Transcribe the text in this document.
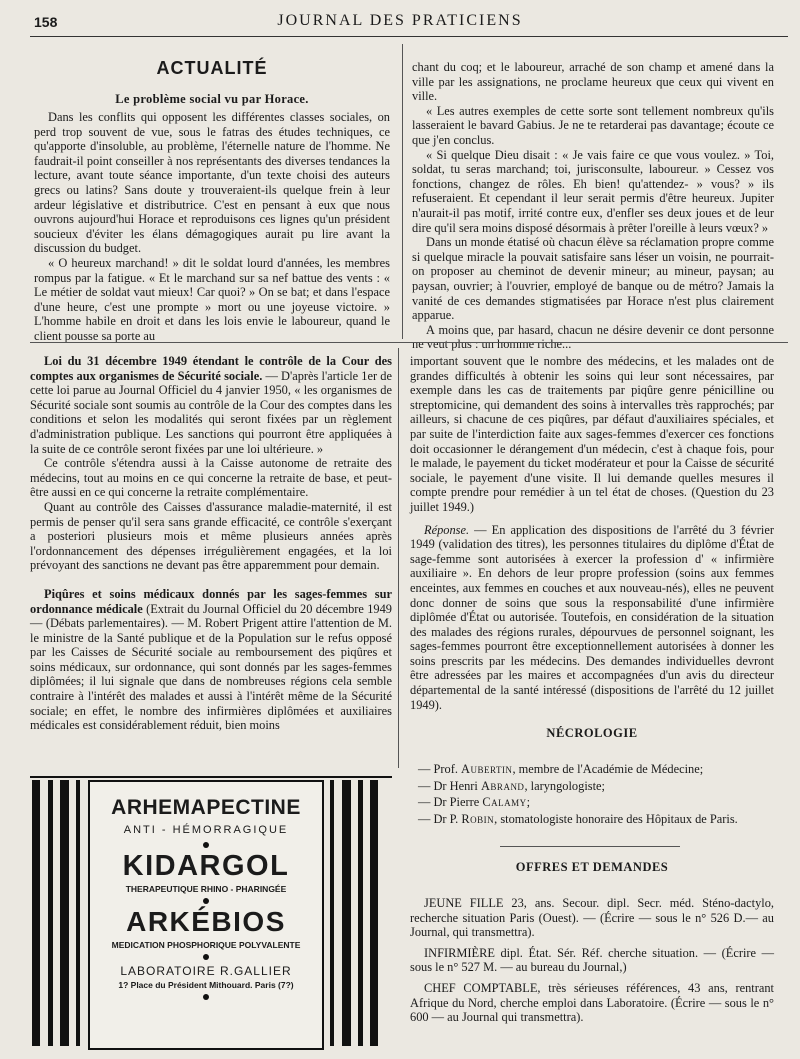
158	JOURNAL DES PRATICIENS
ACTUALITÉ
Le problème social vu par Horace.

Dans les conflits qui opposent les différentes classes sociales, on perd trop souvent de vue, sous le fatras des études techniques, ce qu'apporte d'insoluble, au problème, l'éternelle nature de l'homme. Ne faudrait-il point conseiller à nos représentants des diverses tendances la lecture, avant toute séance importante, d'un texte choisi des auteurs grecs ou latins? Sans doute y trouveraient-ils quelque frein à leur ardeur législative et distributrice. C'est en pensant à eux que nous ouvrons aujourd'hui Horace et reproduisons ces lignes qu'un président soucieux d'éviter les élans démagogiques aurait pu lire avant la discussion du budget.

« O heureux marchand! » dit le soldat lourd d'années, les membres rompus par la fatigue. « Et le marchand sur sa nef battue des vents : « Le métier de soldat vaut mieux! Car quoi? » On se bat; et dans l'espace d'une heure, c'est une prompte » mort ou une joyeuse victoire. » L'homme habile en droit et dans les lois envie le laboureur, quand le client pousse sa porte au

chant du coq; et le laboureur, arraché de son champ et amené dans la ville par les assignations, ne proclame heureux que ceux qui vivent en ville.

« Les autres exemples de cette sorte sont tellement nombreux qu'ils lasseraient le bavard Gabius. Je ne te retarderai pas davantage; écoute ce que j'en conclus.

« Si quelque Dieu disait : « Je vais faire ce que vous voulez. » Toi, soldat, tu seras marchand; toi, jurisconsulte, laboureur. » Cessez vos fonctions, changez de rôles. Eh bien! qu'attendez- » vous? » ils refuseraient. Et cependant il leur serait permis d'être heureux. Jupiter n'aurait-il pas motif, irrité contre eux, d'enfler ses deux joues et de leur dire qu'il sera moins disposé désormais à prêter l'oreille à leurs vœux? »

Dans un monde étatisé où chacun élève sa réclamation propre comme si quelque miracle la pouvait satisfaire sans léser un voisin, ne pourrait-on proposer au cheminot de devenir mineur; au mineur, paysan; au paysan, ouvrier; à l'ouvrier, employé de banque ou de métro? Jamais la vanité de ces demandes stigmatisées par Horace n'est plus clairement apparue.

A moins que, par hasard, chacun ne désire devenir ce dont personne ne veut plus : un homme riche...

Loi du 31 décembre 1949 étendant le contrôle de la Cour des comptes aux organismes de Sécurité sociale. — D'après l'article 1er de cette loi parue au Journal Officiel du 4 janvier 1950, « les organismes de Sécurité sociale sont soumis au contrôle de la Cour des comptes dans les conditions et selon les modalités qui seront fixées par un règlement d'administration publique. Les sanctions qui pourront être appliquées à la suite de ce contrôle seront fixées par une loi ultérieure. »

Ce contrôle s'étendra aussi à la Caisse autonome de retraite des médecins, tout au moins en ce qui concerne la retraite de base, et peut-être aussi en ce qui concerne la retraite complémentaire.

Quant au contrôle des Caisses d'assurance maladie-maternité, il est permis de penser qu'il sera sans grande efficacité, ce contrôle s'exerçant a posteriori plusieurs mois et même plusieurs années après l'ordonnancement des dépenses irrégulièrement engagées, et la loi prévoyant des sanctions ne devant pas être apparemment pour demain.

Piqûres et soins médicaux donnés par les sages-femmes sur ordonnance médicale (Extrait du Journal Officiel du 20 décembre 1949 — (Débats parlementaires). — M. Robert Prigent attire l'attention de M. le ministre de la Santé publique et de la Population sur le refus opposé par les Caisses de Sécurité sociale au remboursement des piqûres et soins médicaux, sur ordonnance, qui sont donnés par les sages-femmes diplômées; il lui signale que dans de nombreuses régions cela semble contraire à l'intérêt des malades et aussi à l'intérêt même de la Sécurité sociale; en effet, le nombre des infirmières diplômées et auxiliaires médicales est considérablement réduit, bien moins

important souvent que le nombre des médecins, et les malades ont de grandes difficultés à obtenir les soins qui leur sont nécessaires, par exemple dans les cas de traitements par piqûre genre pénicilline ou streptomicine, qui demandent des soins à intervalles très rapprochés; par ailleurs, si chacune de ces piqûres, par défaut d'auxiliaires spéciales, et par suite de l'interdiction faite aux sages-femmes d'exercer ces fonctions doit occasionner le dérangement d'un médecin, c'est à chaque fois, pour le malade, le payement du ticket modérateur et pour la Caisse de sécurité sociale, le payement d'une visite. Il lui demande quelles mesures il compte prendre pour remédier à un tel état de choses. (Question du 23 juillet 1949.)

Réponse. — En application des dispositions de l'arrêté du 3 février 1949 (validation des titres), les personnes titulaires du diplôme d'État de sage-femme sont autorisées à exercer la profession d' « infirmière auxiliaire ». En dehors de leur propre profession (soins aux femmes enceintes, aux femmes en couches et aux nouveau-nés), elles ne peuvent donc donner de soins que sous la responsabilité d'une infirmière diplômée d'État ou autorisée. Toutefois, en considération de la situation des malades des régions rurales, dépourvues de personnel soignant, les sages-femmes pourront être exceptionnellement autorisées à donner les soins prescrits par les médecins. Des demandes individuelles devront être adressées par les maires et accompagnées d'un avis du directeur départemental de la santé intéressé (dispositions de l'arrêté du 12 juillet 1949).

NÉCROLOGIE
— Prof. Aubertin, membre de l'Académie de Médecine;
— Dr Henri Abrand, laryngologiste;
— Dr Pierre Calamy;
— Dr P. Robin, stomatologiste honoraire des Hôpitaux de Paris.
OFFRES ET DEMANDES

JEUNE FILLE 23, ans. Secour. dipl. Secr. méd. Sténo-dactylo, recherche situation Paris (Ouest). — (Écrire — sous le n° 526 D.— au Journal, qui transmettra).

INFIRMIÈRE dipl. État. Sér. Réf. cherche situation. — (Écrire — sous le n° 527 M. — au bureau du Journal,)

CHEF COMPTABLE, très sérieuses références, 43 ans, rentrant Afrique du Nord, cherche emploi dans Laboratoire. (Écrire — sous le n° 600 — au Journal qui transmettra).

ARHEMAPECTINE
ANTI - HÉMORRAGIQUE
KIDARGOL
THERAPEUTIQUE RHINO - PHARINGÉE
ARKÉBIOS
MEDICATION PHOSPHORIQUE POLYVALENTE
LABORATOIRE R.GALLIER
1? Place du Président Mithouard. Paris (7?)
